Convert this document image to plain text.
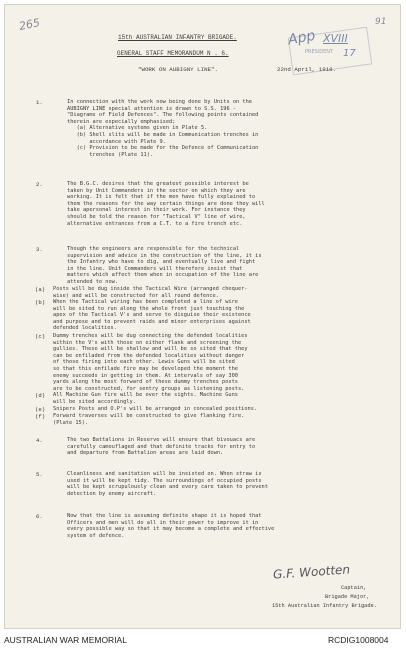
265	91
App XVIII
PRESIDENT 17
15th AUSTRALIAN INFANTRY BRIGADE.
GENERAL STAFF MEMORANDUM N . 6.
"WORK ON AUBIGNY LINE".	22nd April, 1918.
1.	In connection with the work now being done by Units on the
AUBIGNY LINE special attention is drawn to S.S. 196 -
"Diagrams of Field Defences". The following points contained
therein are especially emphasised;
(a) Alternative systems given in Plate 5.
(b) Shell slits will be made in Communication trenches in
accordance with Plate 9.
(c) Provision to be made for the Defence of Communication
trenches (Plate 11).
2.	The B.G.C. desires that the greatest possible interest be
taken by Unit Commanders in the sector on which they are
working. It is felt that if the men have fully explained to
them the reasons for the way certain things are done they will
take apersonal interest in their work. For instance they
should be told the reason for "Tactical V" line of wire,
alternative entrances from a C.T. to a fire trench etc.
3.	Though the engineers are responsible for the technical
supervision and advice in the construction of the line, it is
the Infantry who have to dig, and eventually live and fight
in the line. Unit Commanders will therefore insist that
matters which affect them when in occupation of the line are
attended to now.
(a) Posts will be dug inside the Tactical Wire (arranged chequer-
wise) and will be constructed for all round defence.
(b) When the Tactical wiring has been completed a line of wire
will be sited to run along the whole front just touching the
apex of the Tactical V's and serve to disguise their existence
and purpose and to prevent raids and minor enterprises against
defended localities.
(c) Dummy trenches will be dug connecting the defended localities
within the V's with those on either flank and screening the
gullies. These will be shallow and will be so sited that they
can be enfiladed from the defended localities without danger
of those firing into each other. Lewis Guns will be sited
so that this enfilade fire may be developed the moment the
enemy succeeds in getting in them. At intervals of say 300
yards along the most forward of these dummy trenches posts
are to be constructed, for sentry groups as listening posts.
(d) All Machine Gun fire will be over the sights. Machine Guns
will be sited accordingly.
(e) Snipers Posts and O.P's will be arranged in concealed positions.
(f) Forward traverses will be constructed to give flanking fire.
(Plate 15).
4.	The two Battalions in Reserve will ensure that bivouacs are
carefully camouflaged and that definite tracks for entry to
and departure from Battalion areas are laid down.
5.	Cleanliness and sanitation will be insisted on. When straw is
used it will be kept tidy. The surroundings of occupied posts
will be kept scrupulously clean and every care taken to prevent
detection by enemy aircraft.
6.	Now that the line is assuming definite shape it is hoped that
Officers and men will do all in their power to improve it in
every possible way so that it may become a complete and effective
system of defence.
G.F. Wootten
Captain,
Brigade Major,
15th Australian Infantry Brigade.
AUSTRALIAN WAR MEMORIAL	RCDIG1008004
